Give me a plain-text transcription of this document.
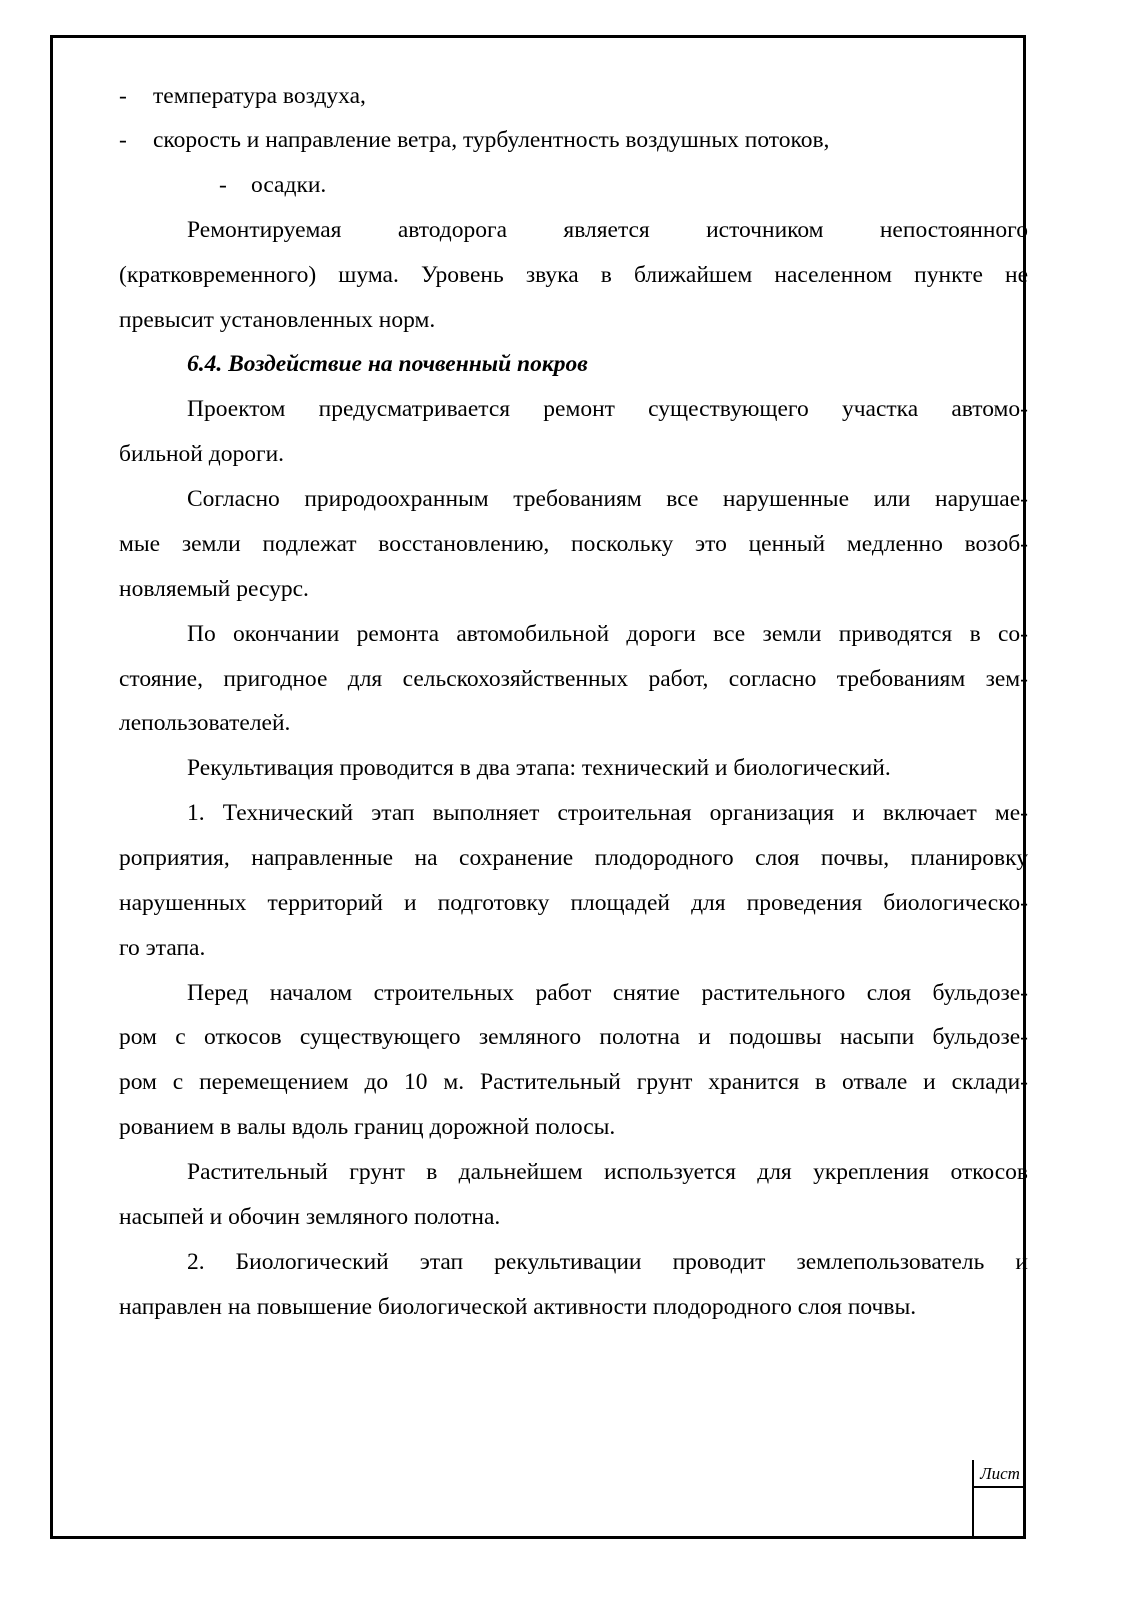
- температура воздуха,
- скорость и направление ветра, турбулентность воздушных потоков,
- осадки.
Ремонтируемая автодорога является источником непостоянного
(кратковременного) шума. Уровень звука в ближайшем населенном пункте не
превысит установленных норм.
6.4. Воздействие на почвенный покров
Проектом предусматривается ремонт существующего участка автомо-
бильной дороги.
Согласно природоохранным требованиям все нарушенные или нарушае-
мые земли подлежат восстановлению, поскольку это ценный медленно возоб-
новляемый ресурс.
По окончании ремонта автомобильной дороги все земли приводятся в со-
стояние, пригодное для сельскохозяйственных работ, согласно требованиям зем-
лепользователей.
Рекультивация проводится в два этапа: технический и биологический.
1. Технический этап выполняет строительная организация и включает ме-
роприятия, направленные на сохранение плодородного слоя почвы, планировку
нарушенных территорий и подготовку площадей для проведения биологическо-
го этапа.
Перед началом строительных работ снятие растительного слоя бульдозе-
ром с откосов существующего земляного полотна и подошвы насыпи бульдозе-
ром с перемещением до 10 м. Растительный грунт хранится в отвале и склади-
рованием в валы вдоль границ дорожной полосы.
Растительный грунт в дальнейшем используется для укрепления откосов
насыпей и обочин земляного полотна.
2. Биологический этап рекультивации проводит землепользователь и
направлен на повышение биологической активности плодородного слоя почвы.
Лист
